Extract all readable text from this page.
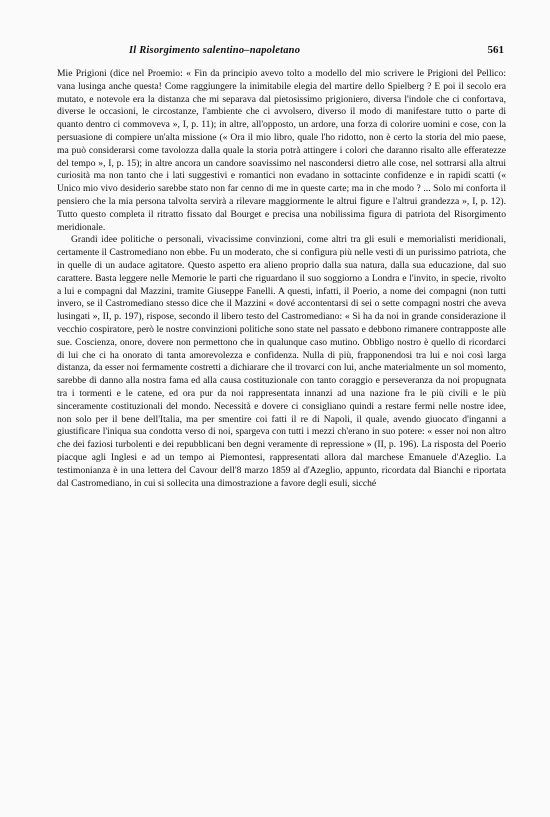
Il Risorgimento salentino–napoletano	561

Mie Prigioni (dice nel Proemio: « Fin da principio avevo tolto a modello del mio scrivere le Prigioni del Pellico: vana lusinga anche questa! Come raggiungere la inimitabile elegia del martire dello Spielberg ? E poi il secolo era mutato, e notevole era la distanza che mi separava dal pietosissimo prigioniero, diversa l'indole che ci confortava, diverse le occasioni, le circostanze, l'ambiente che ci avvolsero, diverso il modo di manifestare tutto o parte di quanto dentro ci commoveva », I, p. 11); in altre, all'opposto, un ardore, una forza di colorire uomini e cose, con la persuasione di compiere un'alta missione (« Ora il mio libro, quale l'ho ridotto, non è certo la storia del mio paese, ma può considerarsi come tavolozza dalla quale la storia potrà attingere i colori che daranno risalto alle efferatezze del tempo », I, p. 15); in altre ancora un candore soavissimo nel nascondersi dietro alle cose, nel sottrarsi alla altrui curiosità ma non tanto che i lati suggestivi e romantici non evadano in sottacinte confidenze e in rapidi scatti (« Unico mio vivo desiderio sarebbe stato non far cenno di me in queste carte; ma in che modo ? ... Solo mi conforta il pensiero che la mia persona talvolta servirà a rilevare maggiormente le altrui figure e l'altrui grandezza », I, p. 12). Tutto questo completa il ritratto fissato dal Bourget e precisa una nobilissima figura di patriota del Risorgimento meridionale.

Grandi idee politiche o personali, vivacissime convinzioni, come altri tra gli esuli e memorialisti meridionali, certamente il Castromediano non ebbe. Fu un moderato, che si configura più nelle vesti di un purissimo patriota, che in quelle di un audace agitatore. Questo aspetto era alieno proprio dalla sua natura, dalla sua educazione, dal suo carattere. Basta leggere nelle Memorie le parti che riguardano il suo soggiorno a Londra e l'invito, in specie, rivolto a lui e compagni dal Mazzini, tramite Giuseppe Fanelli. A questi, infatti, il Poerio, a nome dei compagni (non tutti invero, se il Castromediano stesso dice che il Mazzini « dové accontentarsi di sei o sette compagni nostri che aveva lusingati », II, p. 197), rispose, secondo il libero testo del Castromediano: « Si ha da noi in grande considerazione il vecchio cospiratore, però le nostre convinzioni politiche sono state nel passato e debbono rimanere contrapposte alle sue. Coscienza, onore, dovere non permettono che in qualunque caso mutino. Obbligo nostro è quello di ricordarci di lui che ci ha onorato di tanta amorevolezza e confidenza. Nulla di più, frapponendosi tra lui e noi così larga distanza, da esser noi fermamente costretti a dichiarare che il trovarci con lui, anche materialmente un sol momento, sarebbe di danno alla nostra fama ed alla causa costituzionale con tanto coraggio e perseveranza da noi propugnata tra i tormenti e le catene, ed ora pur da noi rappresentata innanzi ad una nazione fra le più civili e le più sinceramente costituzionali del mondo. Necessità e dovere ci consigliano quindi a restare fermi nelle nostre idee, non solo per il bene dell'Italia, ma per smentire coi fatti il re di Napoli, il quale, avendo giuocato d'inganni a giustificare l'iniqua sua condotta verso di noi, spargeva con tutti i mezzi ch'erano in suo potere: « esser noi non altro che dei faziosi turbolenti e dei repubblicani ben degni veramente di repressione » (II, p. 196). La risposta del Poerio piacque agli Inglesi e ad un tempo ai Piemontesi, rappresentati allora dal marchese Emanuele d'Azeglio. La testimonianza è in una lettera del Cavour dell'8 marzo 1859 al d'Azeglio, appunto, ricordata dal Bianchi e riportata dal Castromediano, in cui si sollecita una dimostrazione a favore degli esuli, sicché
